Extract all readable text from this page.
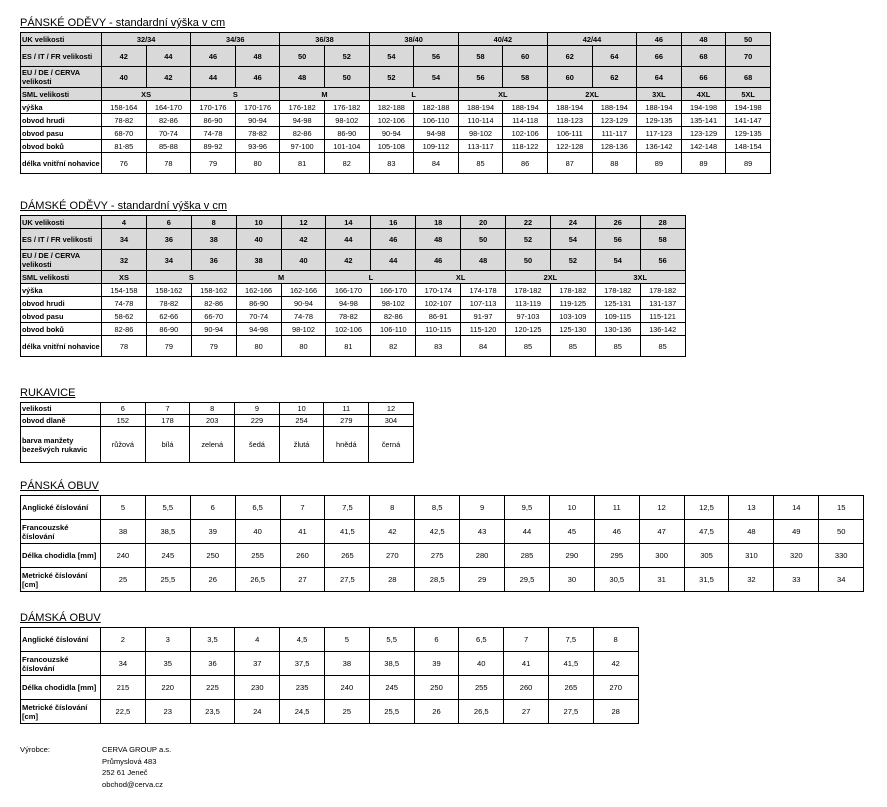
PÁNSKÉ ODĚVY - standardní výška v cm
UK velikosti	32/34		34/36		36/38		38/40		40/42		42/44		46	48	50
ES / IT / FR velikosti	42	44	46	48	50	52	54	56	58	60	62	64	66	68	70
EU / DE / CERVA velikosti	40	42	44	46	48	50	52	54	56	58	60	62	64	66	68
SML velikosti	XS		S		M		L		XL		2XL		3XL	4XL	5XL
výška	158-164	164-170	170-176	170-176	176-182	176-182	182-188	182-188	188-194	188-194	188-194	188-194	188-194	194-198	194-198
obvod hrudi	78-82	82-86	86-90	90-94	94-98	98-102	102-106	106-110	110-114	114-118	118-123	123-129	129-135	135-141	141-147
obvod pasu	68-70	70-74	74-78	78-82	82-86	86-90	90-94	94-98	98-102	102-106	106-111	111-117	117-123	123-129	129-135
obvod boků	81-85	85-88	89-92	93-96	97-100	101-104	105-108	109-112	113-117	118-122	122-128	128-136	136-142	142-148	148-154
délka vnitřní nohavice	76	78	79	80	81	82	83	84	85	86	87	88	89	89	89
DÁMSKÉ ODĚVY - standardní výška v cm
UK velikosti	4	6	8	10	12	14	16	18	20	22	24	26	28
ES / IT / FR velikosti	34	36	38	40	42	44	46	48	50	52	54	56	58
EU / DE / CERVA velikosti	32	34	36	38	40	42	44	46	48	50	52	54	56
SML velikosti	XS	S		M		L		XL		2XL		3XL	
výška	154-158	158-162	158-162	162-166	162-166	166-170	166-170	170-174	174-178	178-182	178-182	178-182	178-182
obvod hrudi	74-78	78-82	82-86	86-90	90-94	94-98	98-102	102-107	107-113	113-119	119-125	125-131	131-137
obvod pasu	58-62	62-66	66-70	70-74	74-78	78-82	82-86	86-91	91-97	97-103	103-109	109-115	115-121
obvod boků	82-86	86-90	90-94	94-98	98-102	102-106	106-110	110-115	115-120	120-125	125-130	130-136	136-142
délka vnitřní nohavice	78	79	79	80	80	81	82	83	84	85	85	85	85
RUKAVICE
velikosti	6	7	8	9	10	11	12
obvod dlaně	152	178	203	229	254	279	304
barva manžety bezešvých rukavic	růžová	bílá	zelená	šedá	žlutá	hnědá	černá
PÁNSKÁ OBUV
Anglické číslování	5	5,5	6	6,5	7	7,5	8	8,5	9	9,5	10	11	12	12,5	13	14	15
Francouzské číslování	38	38,5	39	40	41	41,5	42	42,5	43	44	45	46	47	47,5	48	49	50
Délka chodidla [mm]	240	245	250	255	260	265	270	275	280	285	290	295	300	305	310	320	330
Metrické číslování [cm]	25	25,5	26	26,5	27	27,5	28	28,5	29	29,5	30	30,5	31	31,5	32	33	34
DÁMSKÁ OBUV
Anglické číslování	2	3	3,5	4	4,5	5	5,5	6	6,5	7	7,5	8
Francouzské číslování	34	35	36	37	37,5	38	38,5	39	40	41	41,5	42
Délka chodidla [mm]	215	220	225	230	235	240	245	250	255	260	265	270
Metrické číslování [cm]	22,5	23	23,5	24	24,5	25	25,5	26	26,5	27	27,5	28
Výrobce:	CERVA GROUP a.s.
Průmyslová 483
252 61 Jeneč
obchod@cerva.cz
